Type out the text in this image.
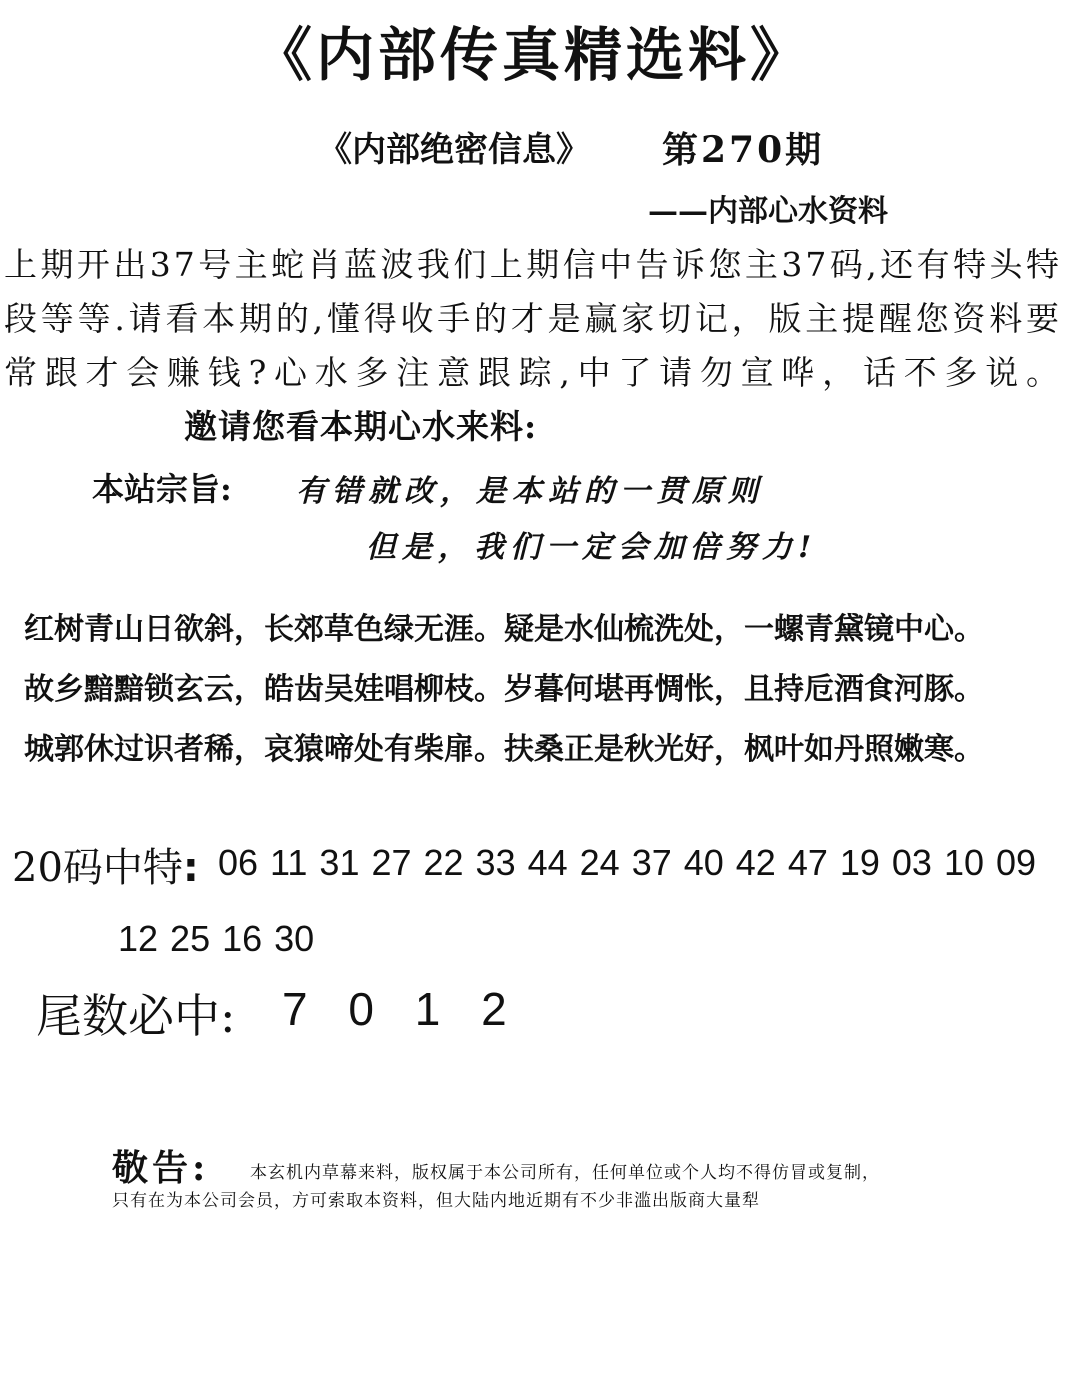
《内部传真精选料》
《内部绝密信息》 第270期
——内部心水资料
上期开出37号主蛇肖蓝波我们上期信中告诉您主37码,还有特头特段等等.请看本期的,懂得收手的才是赢家切记，版主提醒您资料要常跟才会赚钱?心水多注意跟踪,中了请勿宣哗，话不多说。邀请您看本期心水来料:
本站宗旨: 有错就改，是本站的一贯原则
但是，我们一定会加倍努力!
红树青山日欲斜，长郊草色绿无涯。疑是水仙梳洗处，一螺青黛镜中心。
故乡黯黯锁玄云，皓齿吴娃唱柳枝。岁暮何堪再惆怅，且持卮酒食河豚。
城郭休过识者稀，哀猿啼处有柴扉。扶桑正是秋光好，枫叶如丹照嫩寒。
20码中特: 06 11 31 27 22 33 44 24 37 40 42 47 19 03 10 09
12 25 16 30
尾数必中: 7 0 1 2
敬告: 本玄机内草幕来料，版权属于本公司所有，任何单位或个人均不得仿冒或复制，
只有在为本公司会员，方可索取本资料，但大陆内地近期有不少非滥出版商大量犁
